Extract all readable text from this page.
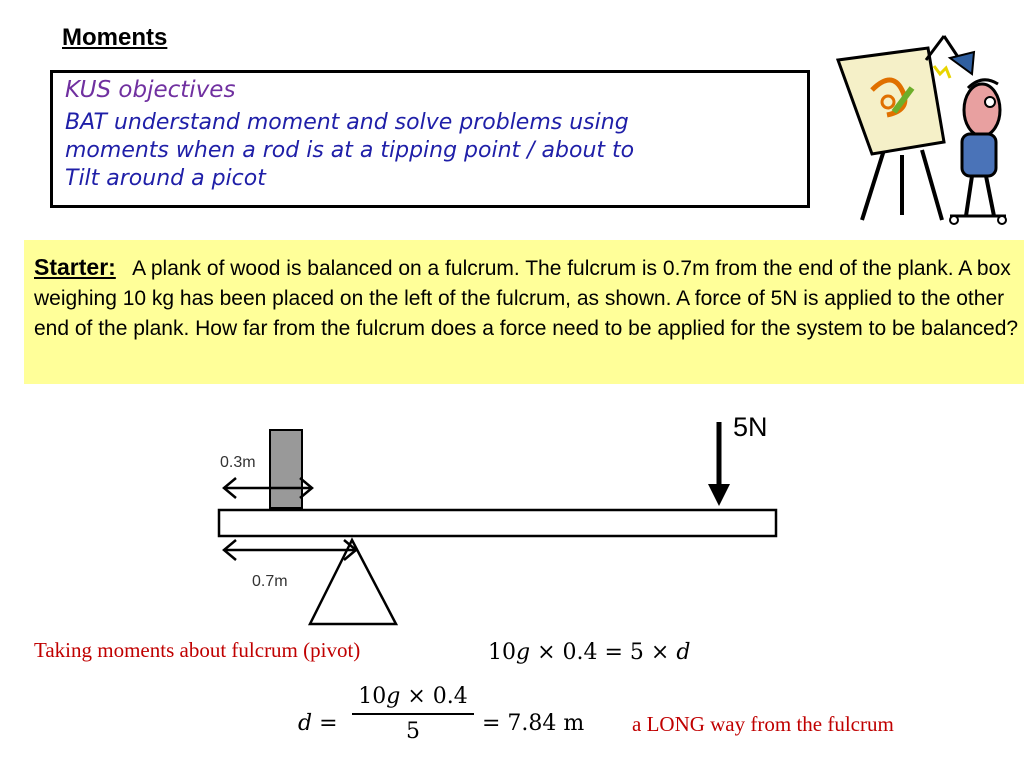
Moments
KUS objectives
BAT understand moment and solve problems using
moments when a rod is at a tipping point / about to
Tilt around a picot
Starter: A plank of wood is balanced on a fulcrum. The fulcrum is 0.7m from the end of the plank. A box weighing 10 kg has been placed on the left of the fulcrum, as shown. A force of 5N is applied to the other end of the plank. How far from the fulcrum does a force need to be applied for the system to be balanced?
0.3m
0.7m
5N
Taking moments about fulcrum (pivot)	10𝑔 × 0.4 = 5 × 𝑑
𝑑 =
10𝑔 × 0.4
5	= 7.84 m a LONG way from the fulcrum
